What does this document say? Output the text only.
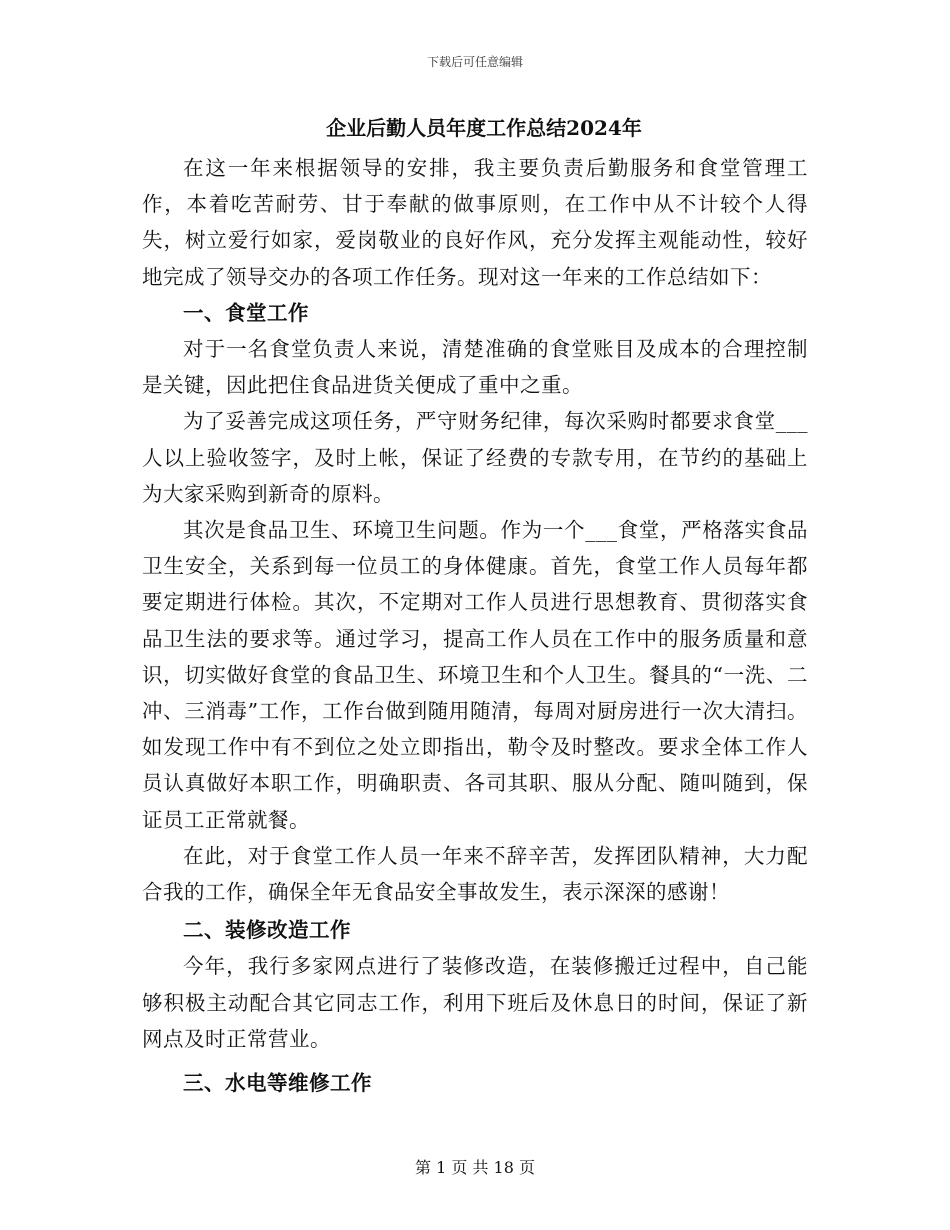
下载后可任意编辑
企业后勤人员年度工作总结2024年

在这一年来根据领导的安排，我主要负责后勤服务和食堂管理工作，本着吃苦耐劳、甘于奉献的做事原则，在工作中从不计较个人得失，树立爱行如家，爱岗敬业的良好作风，充分发挥主观能动性，较好地完成了领导交办的各项工作任务。现对这一年来的工作总结如下：

一、食堂工作

对于一名食堂负责人来说，清楚准确的食堂账目及成本的合理控制是关键，因此把住食品进货关便成了重中之重。

为了妥善完成这项任务，严守财务纪律，每次采购时都要求食堂___人以上验收签字，及时上帐，保证了经费的专款专用，在节约的基础上为大家采购到新奇的原料。

其次是食品卫生、环境卫生问题。作为一个___食堂，严格落实食品卫生安全，关系到每一位员工的身体健康。首先，食堂工作人员每年都要定期进行体检。其次，不定期对工作人员进行思想教育、贯彻落实食品卫生法的要求等。通过学习，提高工作人员在工作中的服务质量和意识，切实做好食堂的食品卫生、环境卫生和个人卫生。餐具的“一洗、二冲、三消毒”工作，工作台做到随用随清，每周对厨房进行一次大清扫。如发现工作中有不到位之处立即指出，勒令及时整改。要求全体工作人员认真做好本职工作，明确职责、各司其职、服从分配、随叫随到，保证员工正常就餐。

在此，对于食堂工作人员一年来不辞辛苦，发挥团队精神，大力配合我的工作，确保全年无食品安全事故发生，表示深深的感谢！

二、装修改造工作

今年，我行多家网点进行了装修改造，在装修搬迁过程中，自己能够积极主动配合其它同志工作，利用下班后及休息日的时间，保证了新网点及时正常营业。

三、水电等维修工作

第 1 页 共 18 页
